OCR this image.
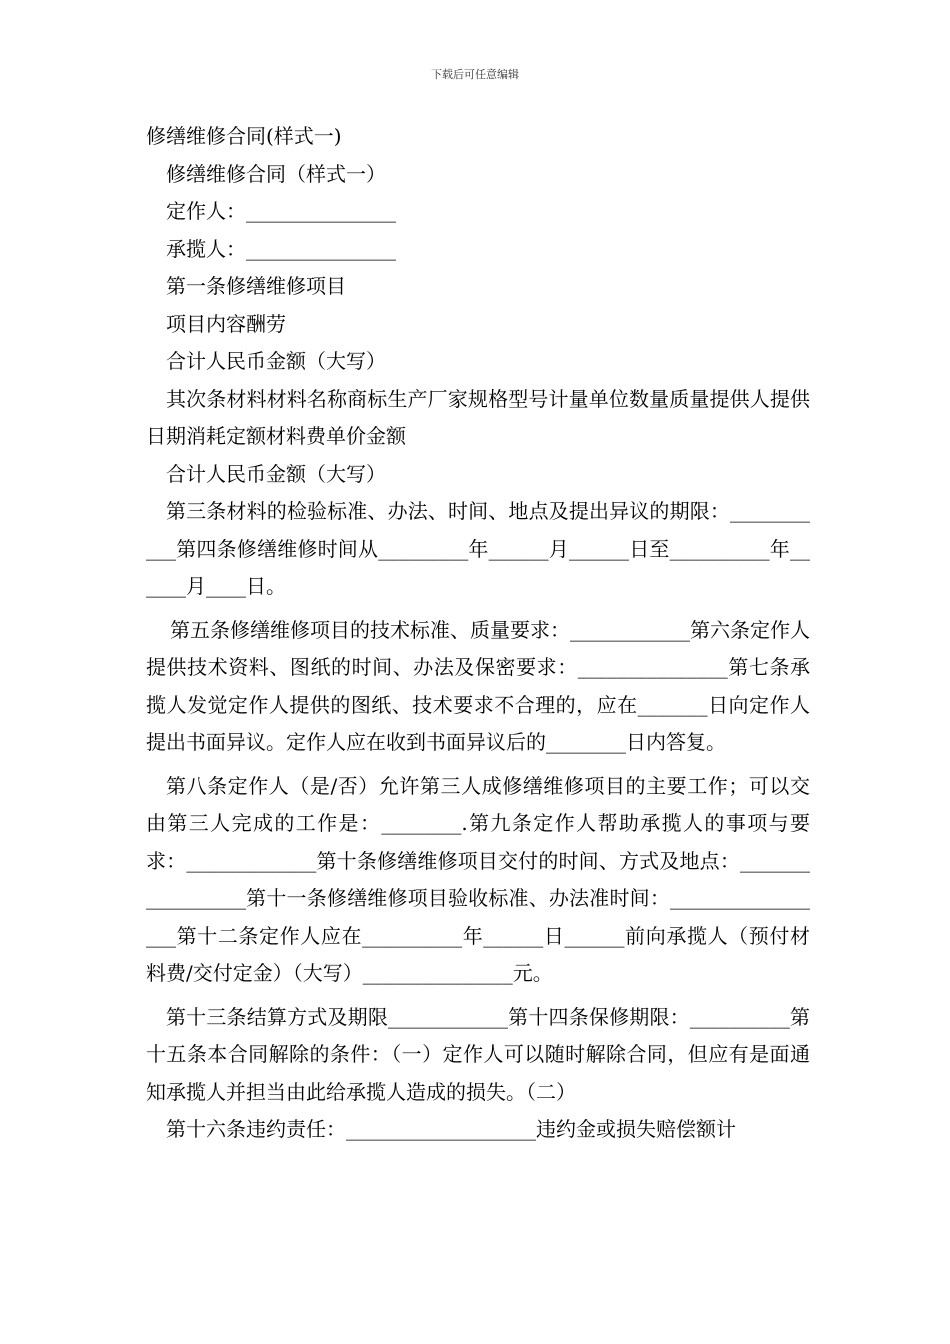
下载后可任意编辑

修缮维修合同(样式一)

修缮维修合同（样式一）

定作人：_______________

承揽人：_______________

第一条修缮维修项目

项目内容酬劳

合计人民币金额（大写）

其次条材料材料名称商标生产厂家规格型号计量单位数量质量提供人提供日期消耗定额材料费单价金额

合计人民币金额（大写）

第三条材料的检验标准、办法、时间、地点及提出异议的期限：___________第四条修缮维修时间从_________年______月______日至__________年______月____日。

第五条修缮维修项目的技术标准、质量要求：____________第六条定作人提供技术资料、图纸的时间、办法及保密要求：_______________第七条承揽人发觉定作人提供的图纸、技术要求不合理的，应在_______日向定作人提出书面异议。定作人应在收到书面异议后的________日内答复。

第八条定作人（是/否）允许第三人成修缮维修项目的主要工作；可以交由第三人完成的工作是：________.第九条定作人帮助承揽人的事项与要求：_____________第十条修缮维修项目交付的时间、方式及地点：_________________第十一条修缮维修项目验收标准、办法准时间：_________________第十二条定作人应在__________年______日______前向承揽人（预付材料费/交付定金）（大写）_______________元。

第十三条结算方式及期限____________第十四条保修期限：__________第十五条本合同解除的条件：（一）定作人可以随时解除合同，但应有是面通知承揽人并担当由此给承揽人造成的损失。（二）

第十六条违约责任：___________________违约金或损失赔偿额计
